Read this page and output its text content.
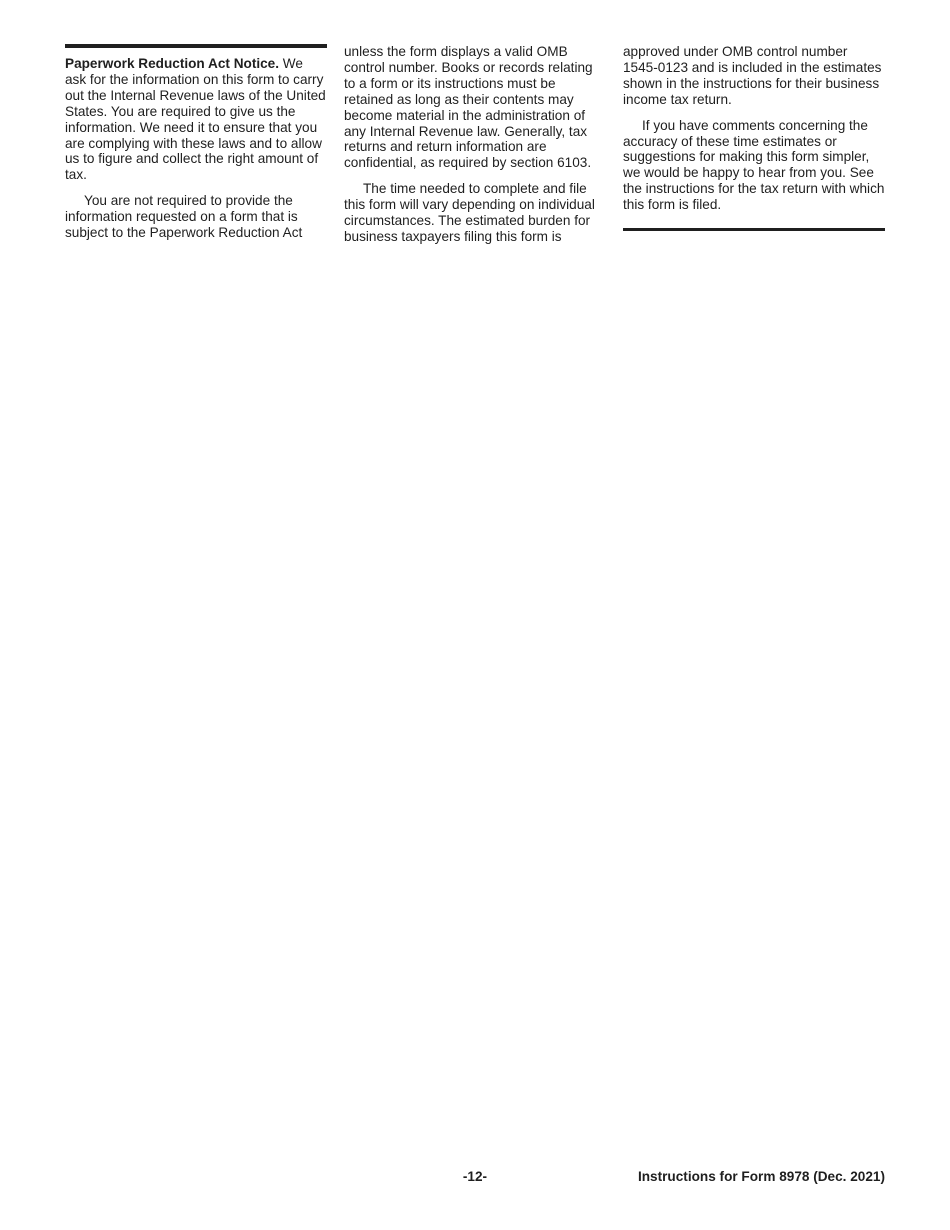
Paperwork Reduction Act Notice. We ask for the information on this form to carry out the Internal Revenue laws of the United States. You are required to give us the information. We need it to ensure that you are complying with these laws and to allow us to figure and collect the right amount of tax.

You are not required to provide the information requested on a form that is subject to the Paperwork Reduction Act

unless the form displays a valid OMB control number. Books or records relating to a form or its instructions must be retained as long as their contents may become material in the administration of any Internal Revenue law. Generally, tax returns and return information are confidential, as required by section 6103.

The time needed to complete and file this form will vary depending on individual circumstances. The estimated burden for business taxpayers filing this form is

approved under OMB control number 1545-0123 and is included in the estimates shown in the instructions for their business income tax return.

If you have comments concerning the accuracy of these time estimates or suggestions for making this form simpler, we would be happy to hear from you. See the instructions for the tax return with which this form is filed.

-12-	Instructions for Form 8978 (Dec. 2021)
